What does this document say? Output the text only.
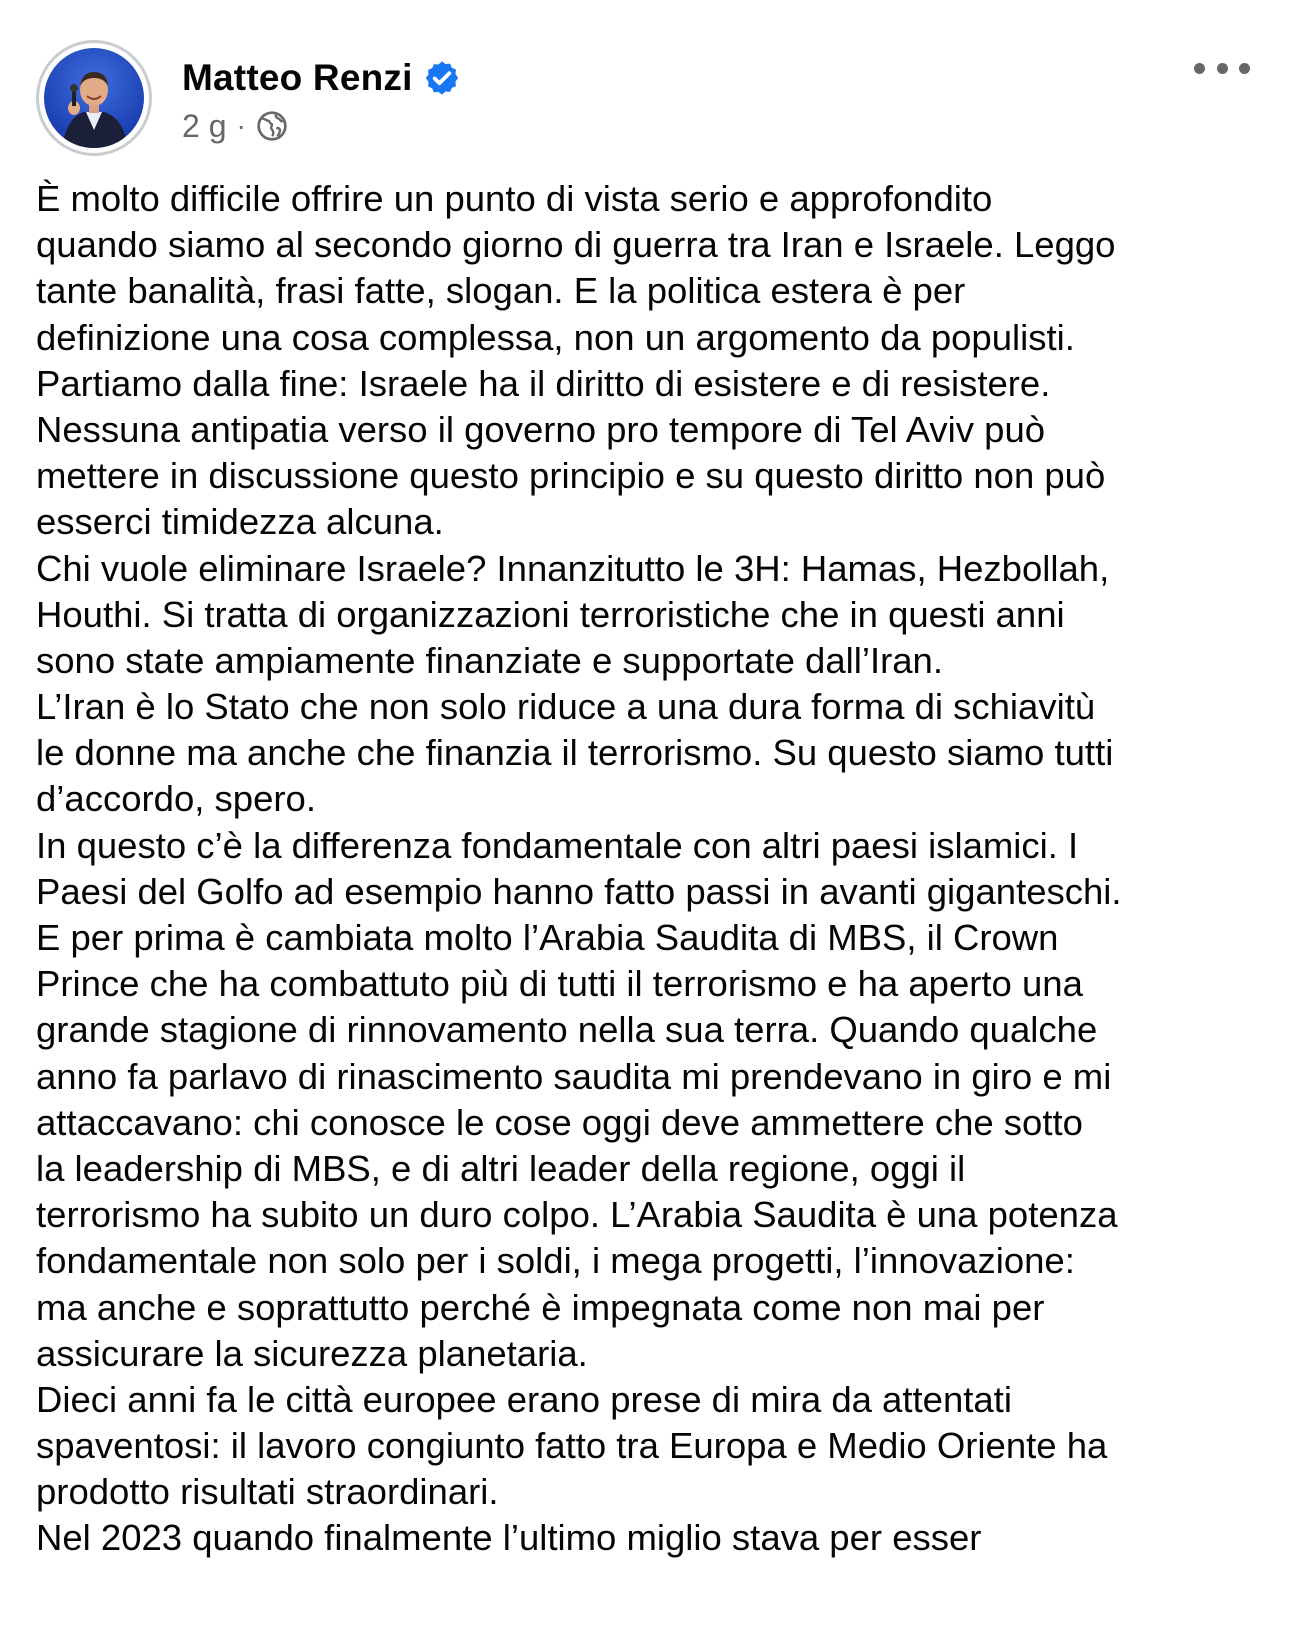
Matteo Renzi
2 g ·
È molto difficile offrire un punto di vista serio e approfondito
quando siamo al secondo giorno di guerra tra Iran e Israele. Leggo
tante banalità, frasi fatte, slogan. E la politica estera è per
definizione una cosa complessa, non un argomento da populisti.
Partiamo dalla fine: Israele ha il diritto di esistere e di resistere.
Nessuna antipatia verso il governo pro tempore di Tel Aviv può
mettere in discussione questo principio e su questo diritto non può
esserci timidezza alcuna.
Chi vuole eliminare Israele? Innanzitutto le 3H: Hamas, Hezbollah,
Houthi. Si tratta di organizzazioni terroristiche che in questi anni
sono state ampiamente finanziate e supportate dall’Iran.
L’Iran è lo Stato che non solo riduce a una dura forma di schiavitù
le donne ma anche che finanzia il terrorismo. Su questo siamo tutti
d’accordo, spero.
In questo c’è la differenza fondamentale con altri paesi islamici. I
Paesi del Golfo ad esempio hanno fatto passi in avanti giganteschi.
E per prima è cambiata molto l’Arabia Saudita di MBS, il Crown
Prince che ha combattuto più di tutti il terrorismo e ha aperto una
grande stagione di rinnovamento nella sua terra. Quando qualche
anno fa parlavo di rinascimento saudita mi prendevano in giro e mi
attaccavano: chi conosce le cose oggi deve ammettere che sotto
la leadership di MBS, e di altri leader della regione, oggi il
terrorismo ha subito un duro colpo. L’Arabia Saudita è una potenza
fondamentale non solo per i soldi, i mega progetti, l’innovazione:
ma anche e soprattutto perché è impegnata come non mai per
assicurare la sicurezza planetaria.
Dieci anni fa le città europee erano prese di mira da attentati
spaventosi: il lavoro congiunto fatto tra Europa e Medio Oriente ha
prodotto risultati straordinari.
Nel 2023 quando finalmente l’ultimo miglio stava per esser
